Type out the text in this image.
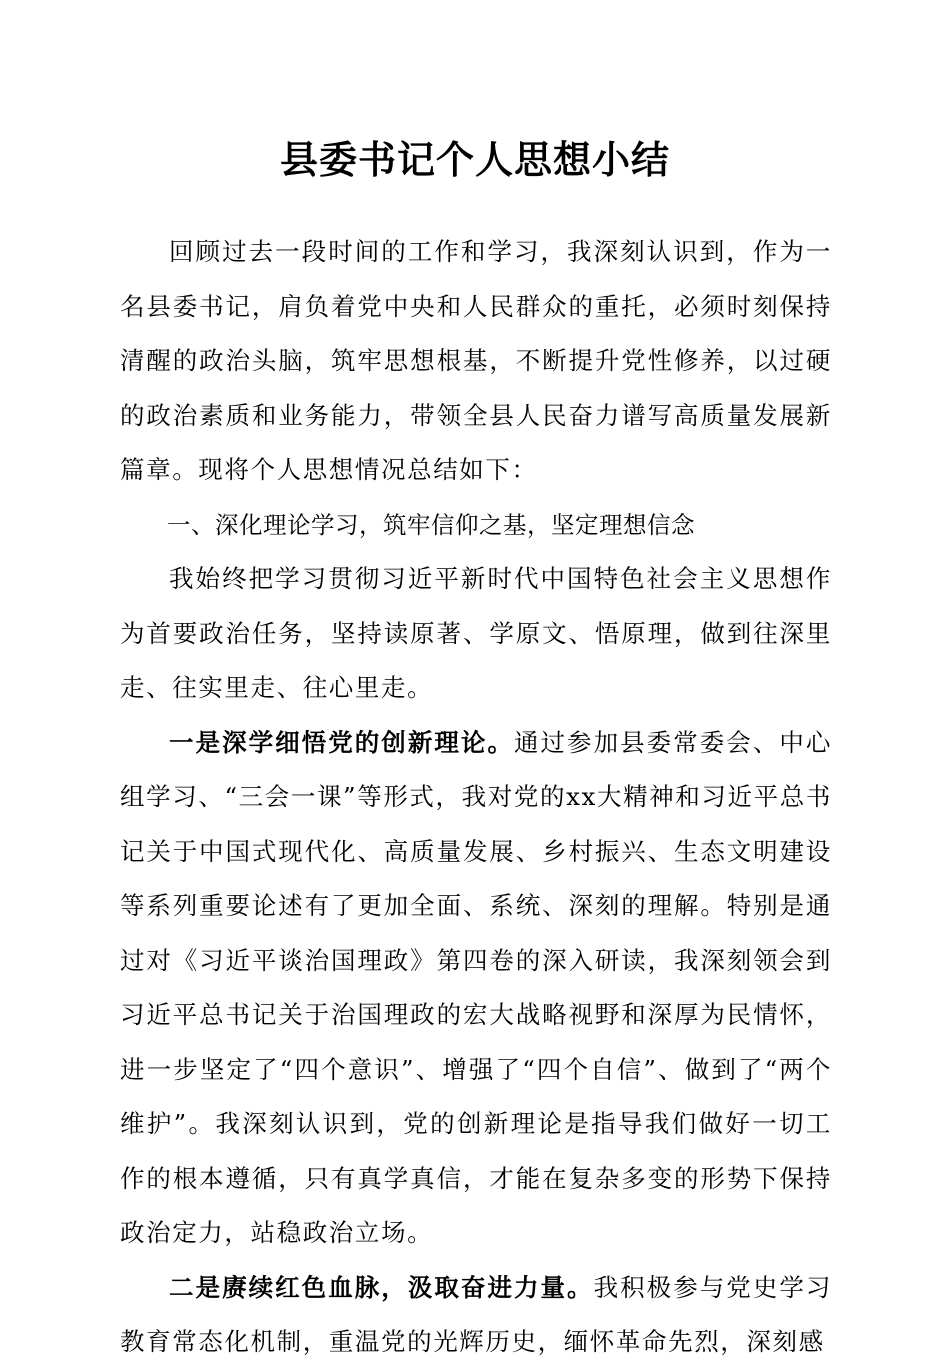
县委书记个人思想小结

回顾过去一段时间的工作和学习，我深刻认识到，作为一名县委书记，肩负着党中央和人民群众的重托，必须时刻保持清醒的政治头脑，筑牢思想根基，不断提升党性修养，以过硬的政治素质和业务能力，带领全县人民奋力谱写高质量发展新篇章。现将个人思想情况总结如下：

一、深化理论学习，筑牢信仰之基，坚定理想信念

我始终把学习贯彻习近平新时代中国特色社会主义思想作为首要政治任务，坚持读原著、学原文、悟原理，做到往深里走、往实里走、往心里走。

一是深学细悟党的创新理论。通过参加县委常委会、中心组学习、“三会一课”等形式，我对党的xx大精神和习近平总书记关于中国式现代化、高质量发展、乡村振兴、生态文明建设等系列重要论述有了更加全面、系统、深刻的理解。特别是通过对《习近平谈治国理政》第四卷的深入研读，我深刻领会到习近平总书记关于治国理政的宏大战略视野和深厚为民情怀，进一步坚定了“四个意识”、增强了“四个自信”、做到了“两个维护”。我深刻认识到，党的创新理论是指导我们做好一切工作的根本遵循，只有真学真信，才能在复杂多变的形势下保持政治定力，站稳政治立场。

二是赓续红色血脉，汲取奋进力量。我积极参与党史学习教育常态化机制，重温党的光辉历史，缅怀革命先烈，深刻感
